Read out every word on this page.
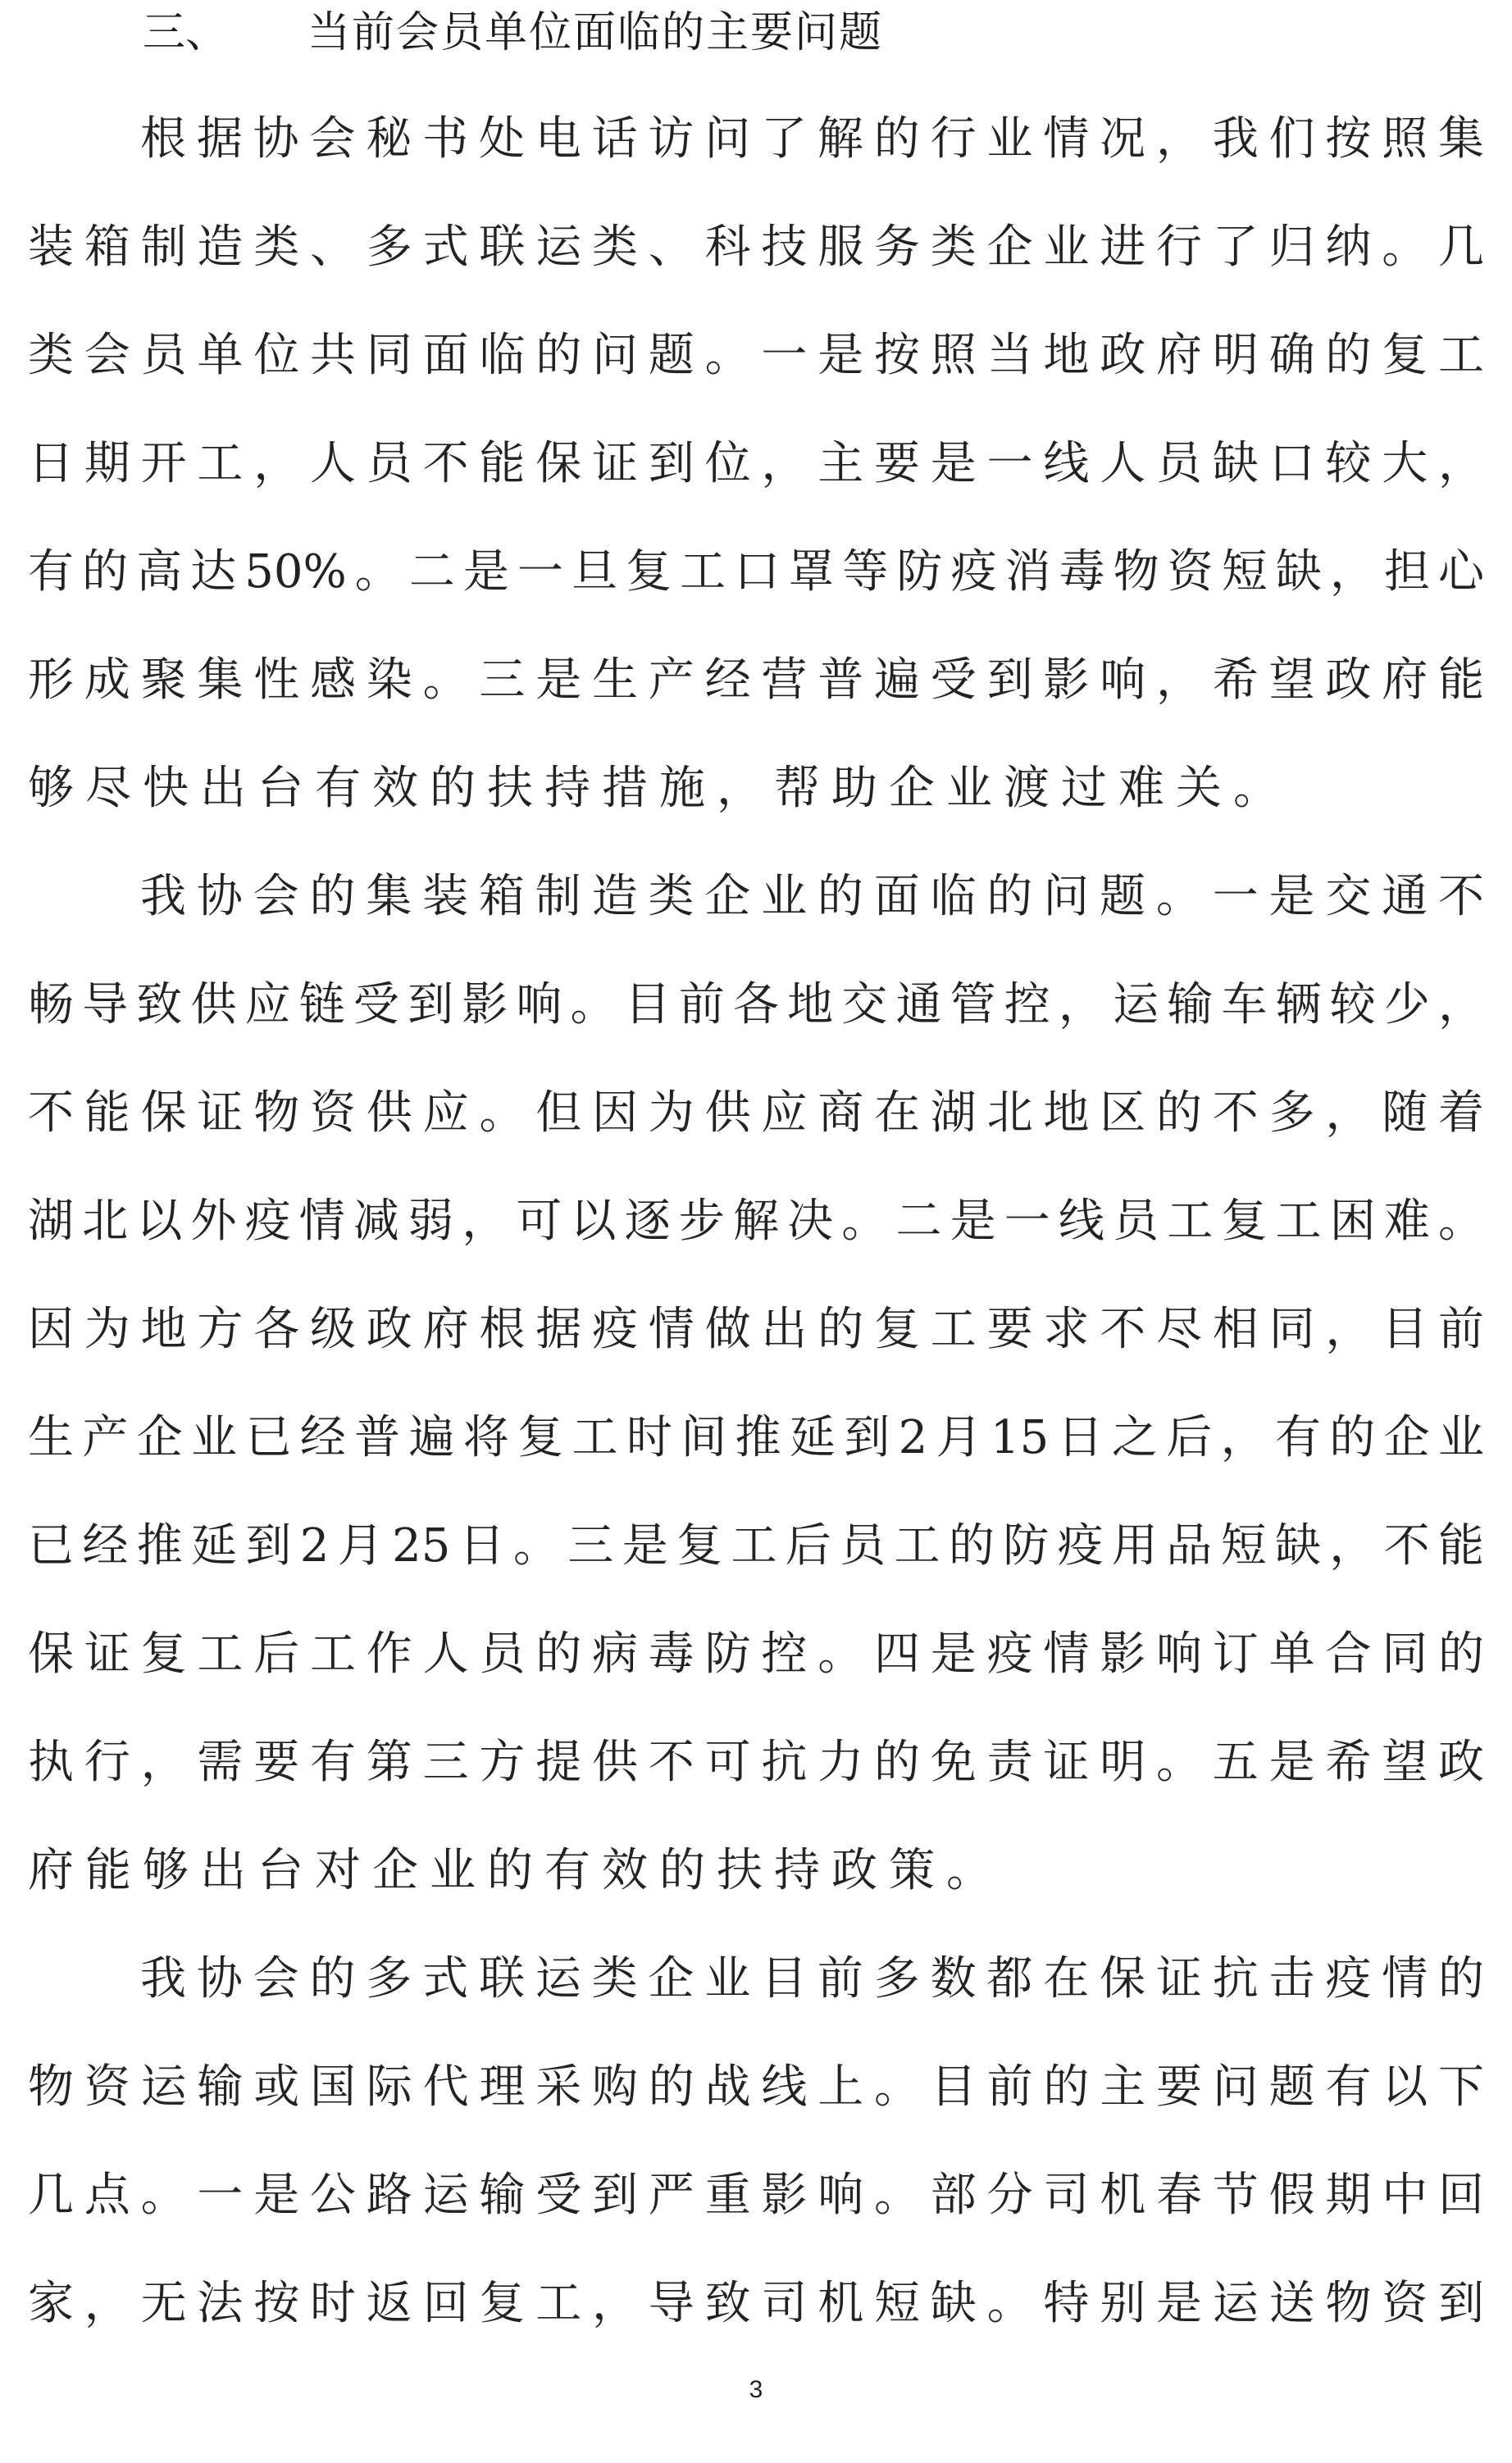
三、 当前会员单位面临的主要问题
根据协会秘书处电话访问了解的行业情况，我们按照集
装箱制造类、多式联运类、科技服务类企业进行了归纳。几
类会员单位共同面临的问题。一是按照当地政府明确的复工
日期开工，人员不能保证到位，主要是一线人员缺口较大，
有的高达50%。二是一旦复工口罩等防疫消毒物资短缺，担心
形成聚集性感染。三是生产经营普遍受到影响，希望政府能
够尽快出台有效的扶持措施，帮助企业渡过难关。
我协会的集装箱制造类企业的面临的问题。一是交通不
畅导致供应链受到影响。目前各地交通管控，运输车辆较少，
不能保证物资供应。但因为供应商在湖北地区的不多，随着
湖北以外疫情减弱，可以逐步解决。二是一线员工复工困难。
因为地方各级政府根据疫情做出的复工要求不尽相同，目前
生产企业已经普遍将复工时间推延到2月15日之后，有的企业
已经推延到2月25日。三是复工后员工的防疫用品短缺，不能
保证复工后工作人员的病毒防控。四是疫情影响订单合同的
执行，需要有第三方提供不可抗力的免责证明。五是希望政
府能够出台对企业的有效的扶持政策。
我协会的多式联运类企业目前多数都在保证抗击疫情的
物资运输或国际代理采购的战线上。目前的主要问题有以下
几点。一是公路运输受到严重影响。部分司机春节假期中回
家，无法按时返回复工，导致司机短缺。特别是运送物资到
3
